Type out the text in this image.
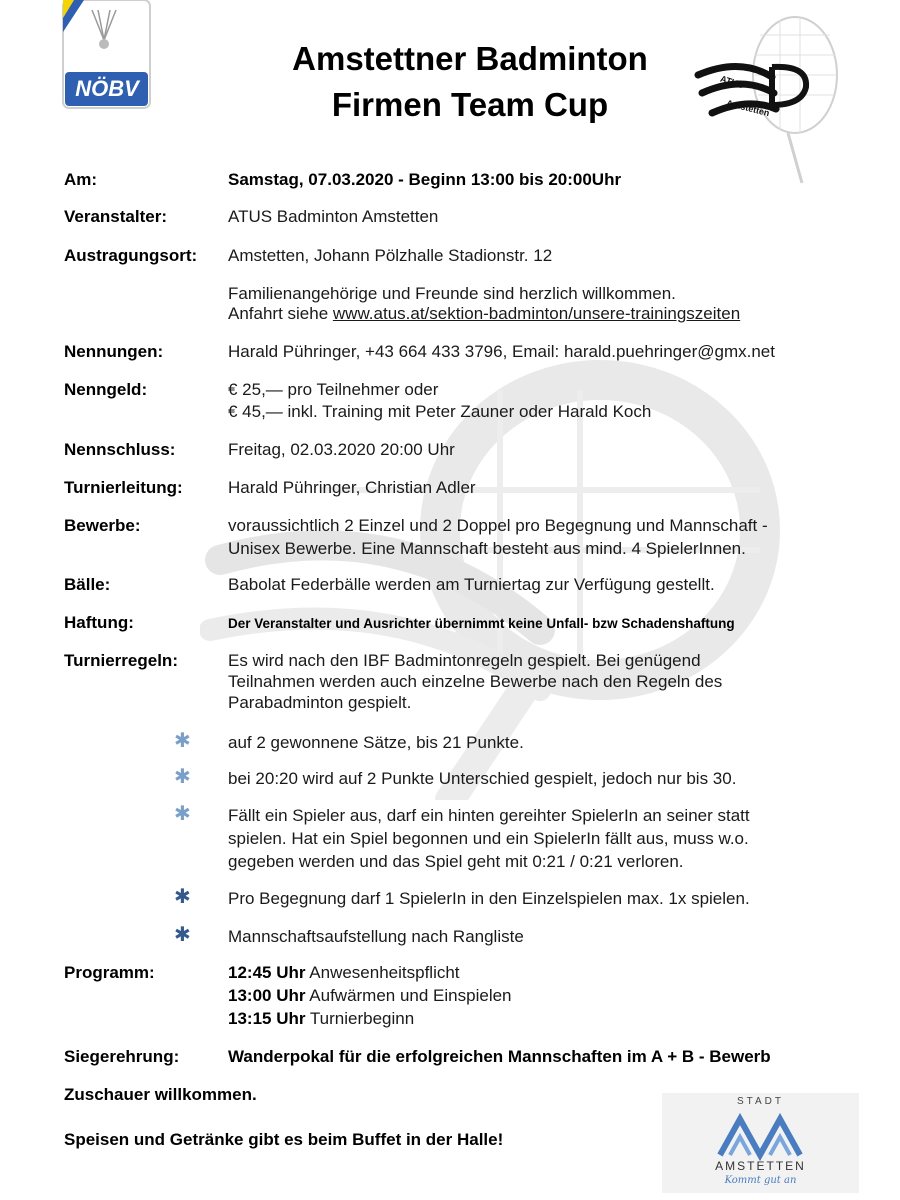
NÖBV	ATUS
Amstetten
Amstettner Badminton
Firmen Team Cup
Am:	Samstag, 07.03.2020 - Beginn 13:00 bis 20:00Uhr
Veranstalter:	ATUS Badminton Amstetten
Austragungsort: Amstetten, Johann Pölzhalle Stadionstr. 12
Familienangehörige und Freunde sind herzlich willkommen.
Anfahrt siehe www.atus.at/sektion-badminton/unsere-trainingszeiten
Nennungen:	Harald Pühringer, +43 664 433 3796, Email: harald.puehringer@gmx.net
Nenngeld:	€ 25,— pro Teilnehmer oder
€ 45,— inkl. Training mit Peter Zauner oder Harald Koch
Nennschluss:	Freitag, 02.03.2020 20:00 Uhr
Turnierleitung:	Harald Pühringer, Christian Adler
Bewerbe:	voraussichtlich 2 Einzel und 2 Doppel pro Begegnung und Mannschaft -
Unisex Bewerbe. Eine Mannschaft besteht aus mind. 4 SpielerInnen.
Bälle:	Babolat Federbälle werden am Turniertag zur Verfügung gestellt.
Haftung:	Der Veranstalter und Ausrichter übernimmt keine Unfall- bzw Schadenshaftung
Turnierregeln:	Es wird nach den IBF Badmintonregeln gespielt. Bei genügend
Teilnahmen werden auch einzelne Bewerbe nach den Regeln des
Parabadminton gespielt.
✱ auf 2 gewonnene Sätze, bis 21 Punkte.
✱ bei 20:20 wird auf 2 Punkte Unterschied gespielt, jedoch nur bis 30.
✱ Fällt ein Spieler aus, darf ein hinten gereihter SpielerIn an seiner statt
spielen. Hat ein Spiel begonnen und ein SpielerIn fällt aus, muss w.o.
gegeben werden und das Spiel geht mit 0:21 / 0:21 verloren.
✱ Pro Begegnung darf 1 SpielerIn in den Einzelspielen max. 1x spielen.
✱ Mannschaftsaufstellung nach Rangliste
Programm:	12:45 Uhr Anwesenheitspflicht
13:00 Uhr Aufwärmen und Einspielen
13:15 Uhr Turnierbeginn
Siegerehrung:	Wanderpokal für die erfolgreichen Mannschaften im A + B - Bewerb
Zuschauer willkommen.
Speisen und Getränke gibt es beim Buffet in der Halle!
STADT
AMSTETTEN
Kommt gut an
